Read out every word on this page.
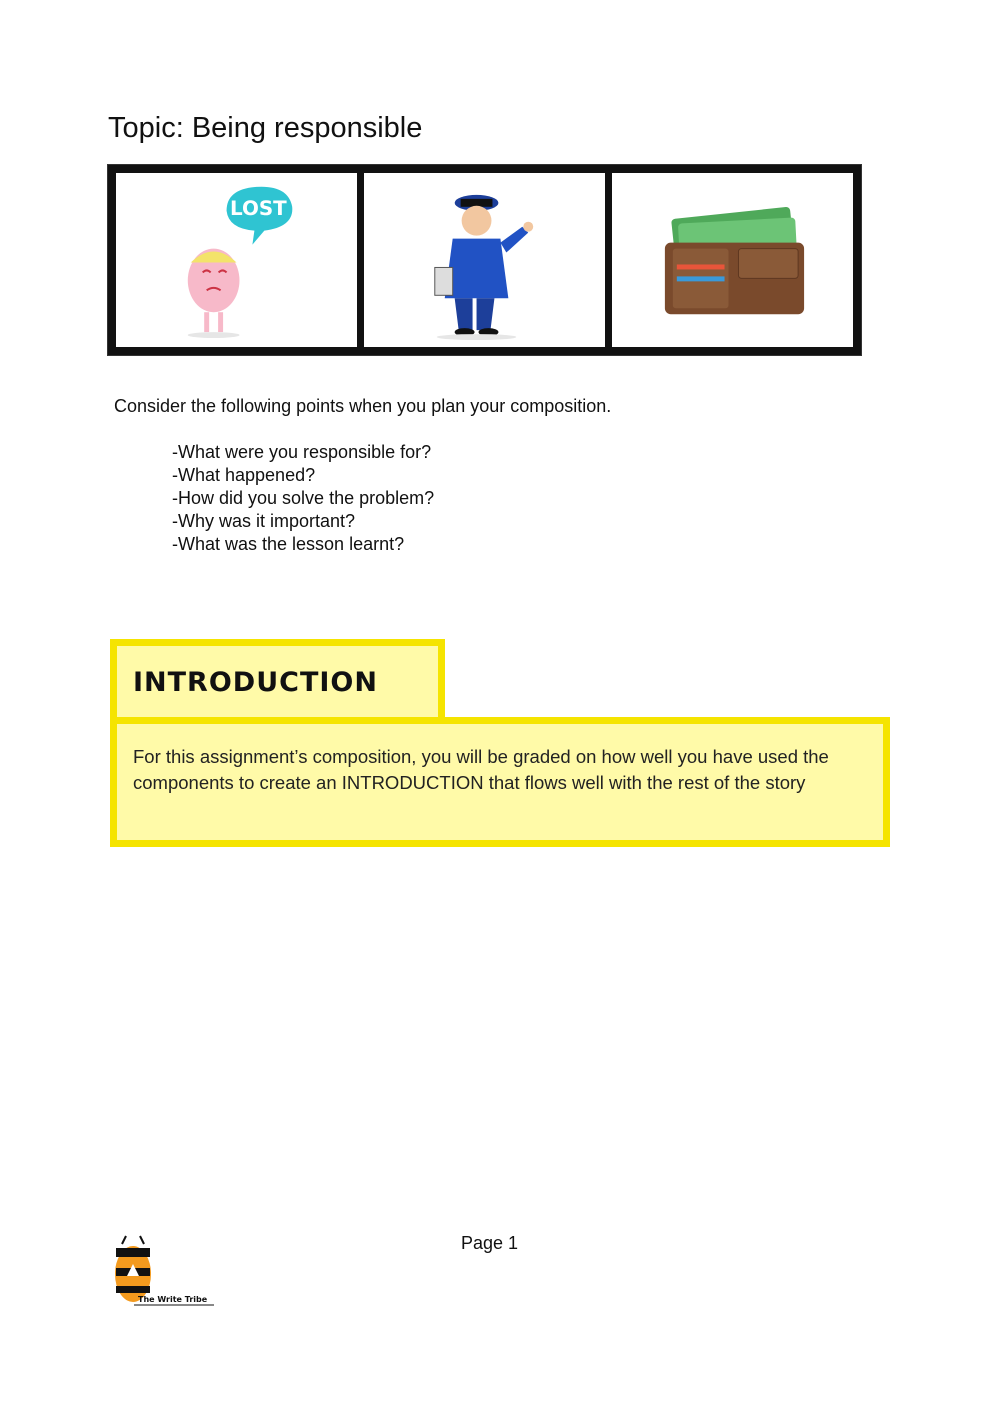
Topic: Being responsible
LOST
Consider the following points when you plan your composition.
-What were you responsible for?
-What happened?
-How did you solve the problem?
-Why was it important?
-What was the lesson learnt?
INTRODUCTION
For this assignment’s composition, you will be graded on how well you have used the components to create an INTRODUCTION that flows well with the rest of the story
The Write Tribe
Page 1
